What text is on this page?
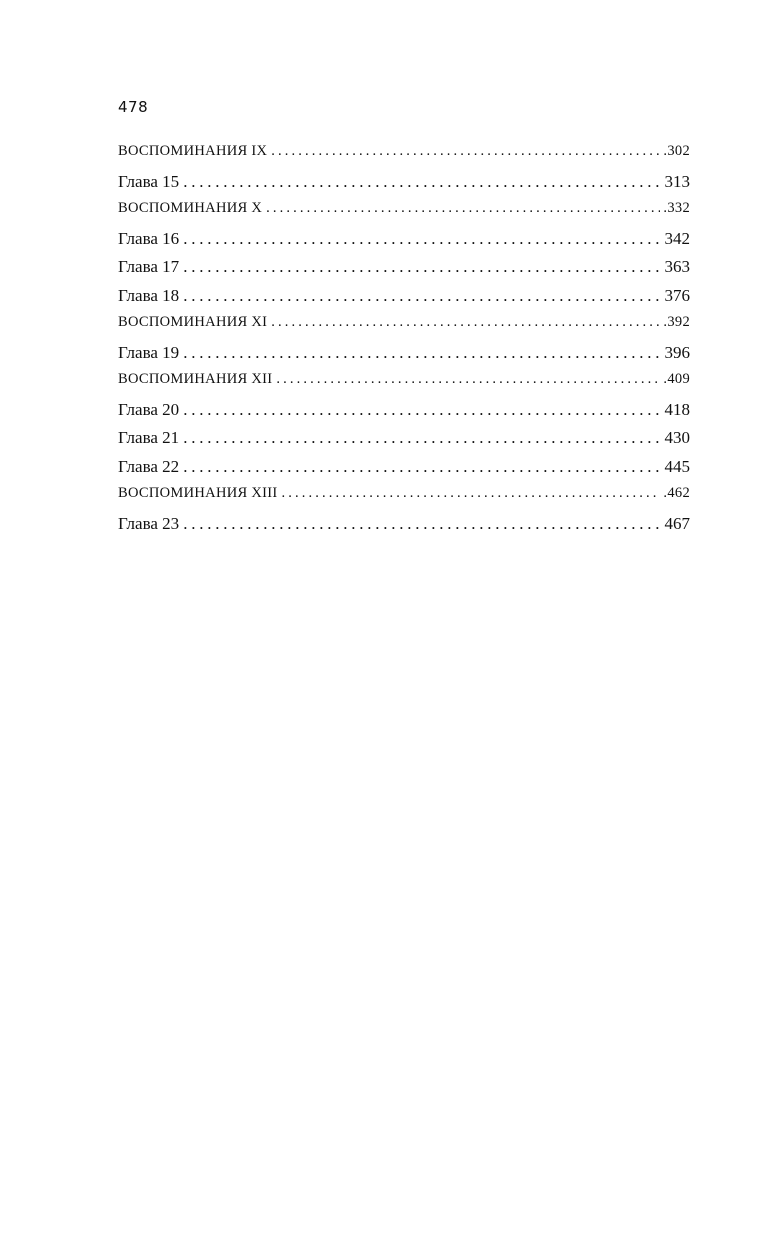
478
ВОСПОМИНАНИЯ IX . . .	.302
Глава 15 . . .	313
ВОСПОМИНАНИЯ X . . .	.332
Глава 16 . . .	342
Глава 17 . . .	363
Глава 18 . . .	376
ВОСПОМИНАНИЯ XI . . .	.392
Глава 19 . . .	396
ВОСПОМИНАНИЯ XII . . .	.409
Глава 20 . . .	418
Глава 21 . . .	430
Глава 22 . . .	445
ВОСПОМИНАНИЯ XIII . . .	.462
Глава 23 . . .	467
